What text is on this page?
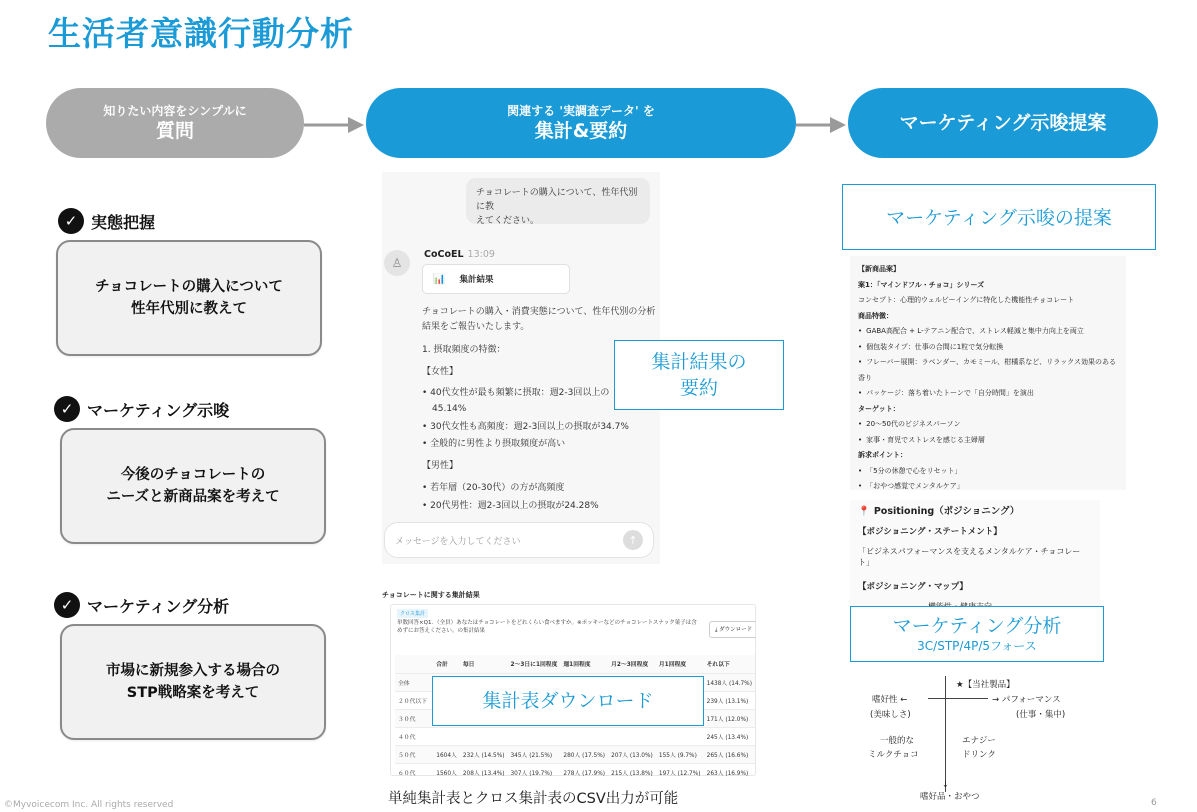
生活者意識行動分析
知りたい内容をシンプルに
質問
関連する '実調査データ' を
集計&要約	マーケティング示唆提案
✓ 実態把握
チョコレートの購入について
性年代別に教えて
✓ マーケティング示唆
今後のチョコレートの
ニーズと新商品案を考えて
✓ マーケティング分析
市場に新規参入する場合の
STP戦略案を考えて
チョコレートの購入について、性年代別に教
えてください。
♙
CoCoEL 13:09
📊 集計結果
チョコレートの購入・消費実態について、性年代別の分析
結果をご報告いたします。
1. 摂取頻度の特徴：
【女性】
• 40代女性が最も頻繁に摂取：週2-3回以上の
45.14%
• 30代女性も高頻度：週2-3回以上の摂取が34.7%
• 全般的に男性より摂取頻度が高い
【男性】
• 若年層（20-30代）の方が高頻度
• 20代男性：週2-3回以上の摂取が24.28%
メッセージを入力してください	↑
集計結果の
要約
チョコレートに関する集計結果
クロス集計
単数回答×Q1．（全員）あなたはチョコレートをどれくらい食べますか。※ポッキーなどのチョコレートスナック菓子は含めずにお答えください。の集計結果	⤓ ダウンロード
	合計	毎日	2～3日に1回程度	週1回程度	月2～3回程度	月1回程度	それ以下
全体							1438人 (14.7%)
２０代以下							239人 (13.1%)
３０代							171人 (12.0%)
４０代							245人 (13.4%)
５０代	1604人	232人 (14.5%)	345人 (21.5%)	280人 (17.5%)	207人 (13.0%)	155人 (9.7%)	265人 (16.6%)
６０代	1560人	208人 (13.4%)	307人 (19.7%)	278人 (17.9%)	215人 (13.8%)	197人 (12.7%)	263人 (16.9%)

集計表ダウンロード
単純集計表とクロス集計表のCSV出力が可能
©Myvoicecom Inc. All rights reserved	6
マーケティング示唆の提案
【新商品案】
案1：「マインドフル・チョコ」シリーズ
コンセプト：心理的ウェルビーイングに特化した機能性チョコレート
商品特徴：
• GABA高配合 + L-テアニン配合で、ストレス軽減と集中力向上を両立
• 個包装タイプ：仕事の合間に1粒で気分転換
• フレーバー展開：ラベンダー、カモミール、柑橘系など、リラックス効果のある香り
• パッケージ：落ち着いたトーンで「自分時間」を演出
ターゲット：
• 20～50代のビジネスパーソン
• 家事・育児でストレスを感じる主婦層
訴求ポイント：
• 「5分の休憩で心をリセット」
• 「おやつ感覚でメンタルケア」
📍 Positioning（ポジショニング）
【ポジショニング・ステートメント】
「ビジネスパフォーマンスを支えるメンタルケア・チョコレート」
【ポジショニング・マップ】
マーケティング分析
3C/STP/4P/5フォース
★【当社製品】
嗜好性 ←	→ パフォーマンス
(美味しさ)	(仕事・集中)
一般的な	エナジー
ミルクチョコ	ドリンク
↓
嗜好品・おやつ
